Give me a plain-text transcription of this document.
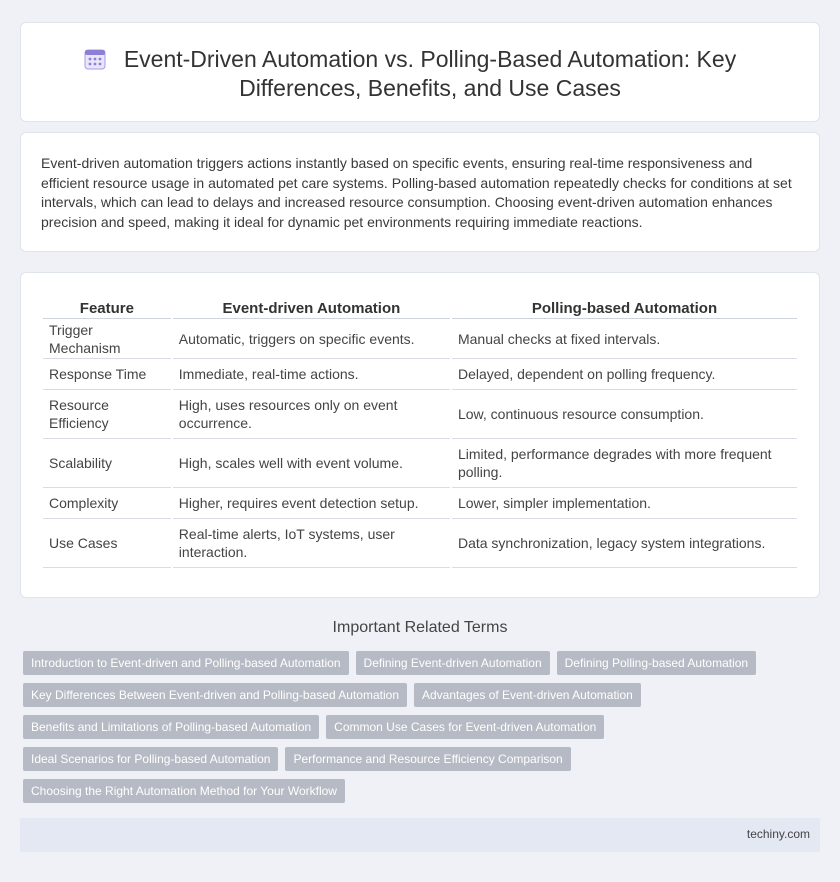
Event-Driven Automation vs. Polling-Based Automation: Key Differences, Benefits, and Use Cases

Event-driven automation triggers actions instantly based on specific events, ensuring real-time responsiveness and efficient resource usage in automated pet care systems. Polling-based automation repeatedly checks for conditions at set intervals, which can lead to delays and increased resource consumption. Choosing event-driven automation enhances precision and speed, making it ideal for dynamic pet environments requiring immediate reactions.

Feature	Event-driven Automation	Polling-based Automation
Trigger Mechanism	Automatic, triggers on specific events.	Manual checks at fixed intervals.
Response Time	Immediate, real-time actions.	Delayed, dependent on polling frequency.
Resource Efficiency	High, uses resources only on event occurrence.	Low, continuous resource consumption.
Scalability	High, scales well with event volume.	Limited, performance degrades with more frequent polling.
Complexity	Higher, requires event detection setup.	Lower, simpler implementation.
Use Cases	Real-time alerts, IoT systems, user interaction.	Data synchronization, legacy system integrations.
Important Related Terms
Introduction to Event-driven and Polling-based Automation	Defining Event-driven Automation	Defining Polling-based Automation
Key Differences Between Event-driven and Polling-based Automation	Advantages of Event-driven Automation
Benefits and Limitations of Polling-based Automation	Common Use Cases for Event-driven Automation
Ideal Scenarios for Polling-based Automation	Performance and Resource Efficiency Comparison
Choosing the Right Automation Method for Your Workflow
techiny.com
